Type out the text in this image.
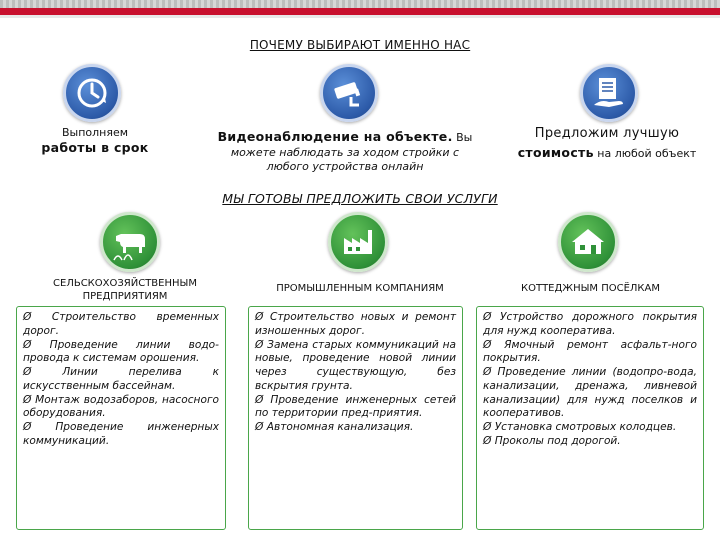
ПОЧЕМУ ВЫБИРАЮТ ИМЕННО НАС
Выполняем
работы в срок
Видеонаблюдение на объекте. Вы
можете наблюдать за ходом стройки с
любого устройства онлайн
Предложим лучшую
стоимость на любой объект
МЫ ГОТОВЫ ПРЕДЛОЖИТЬ СВОИ УСЛУГИ
СЕЛЬСКОХОЗЯЙСТВЕННЫМ ПРЕДПРИЯТИЯМ
ПРОМЫШЛЕННЫМ КОМПАНИЯМ	КОТТЕДЖНЫМ ПОСЁЛКАМ

Ø Строительство временных дорог.

Ø Проведение линии водо-провода к системам орошения.

Ø Линии перелива к искусственным бассейнам.

Ø Монтаж водозаборов, насосного оборудования.

Ø Проведение инженерных коммуникаций.

Ø Строительство новых и ремонт изношенных дорог.

Ø Замена старых коммуникаций на новые, проведение новой линии через существующую, без вскрытия грунта.

Ø Проведение инженерных сетей по территории пред-приятия.

Ø Автономная канализация.

Ø Устройство дорожного покрытия для нужд кооператива.

Ø Ямочный ремонт асфальт-ного покрытия.

Ø Проведение линии (водопро-вода, канализации, дренажа, ливневой канализации) для нужд поселков и кооперативов.

Ø Установка смотровых колодцев.

Ø Проколы под дорогой.
